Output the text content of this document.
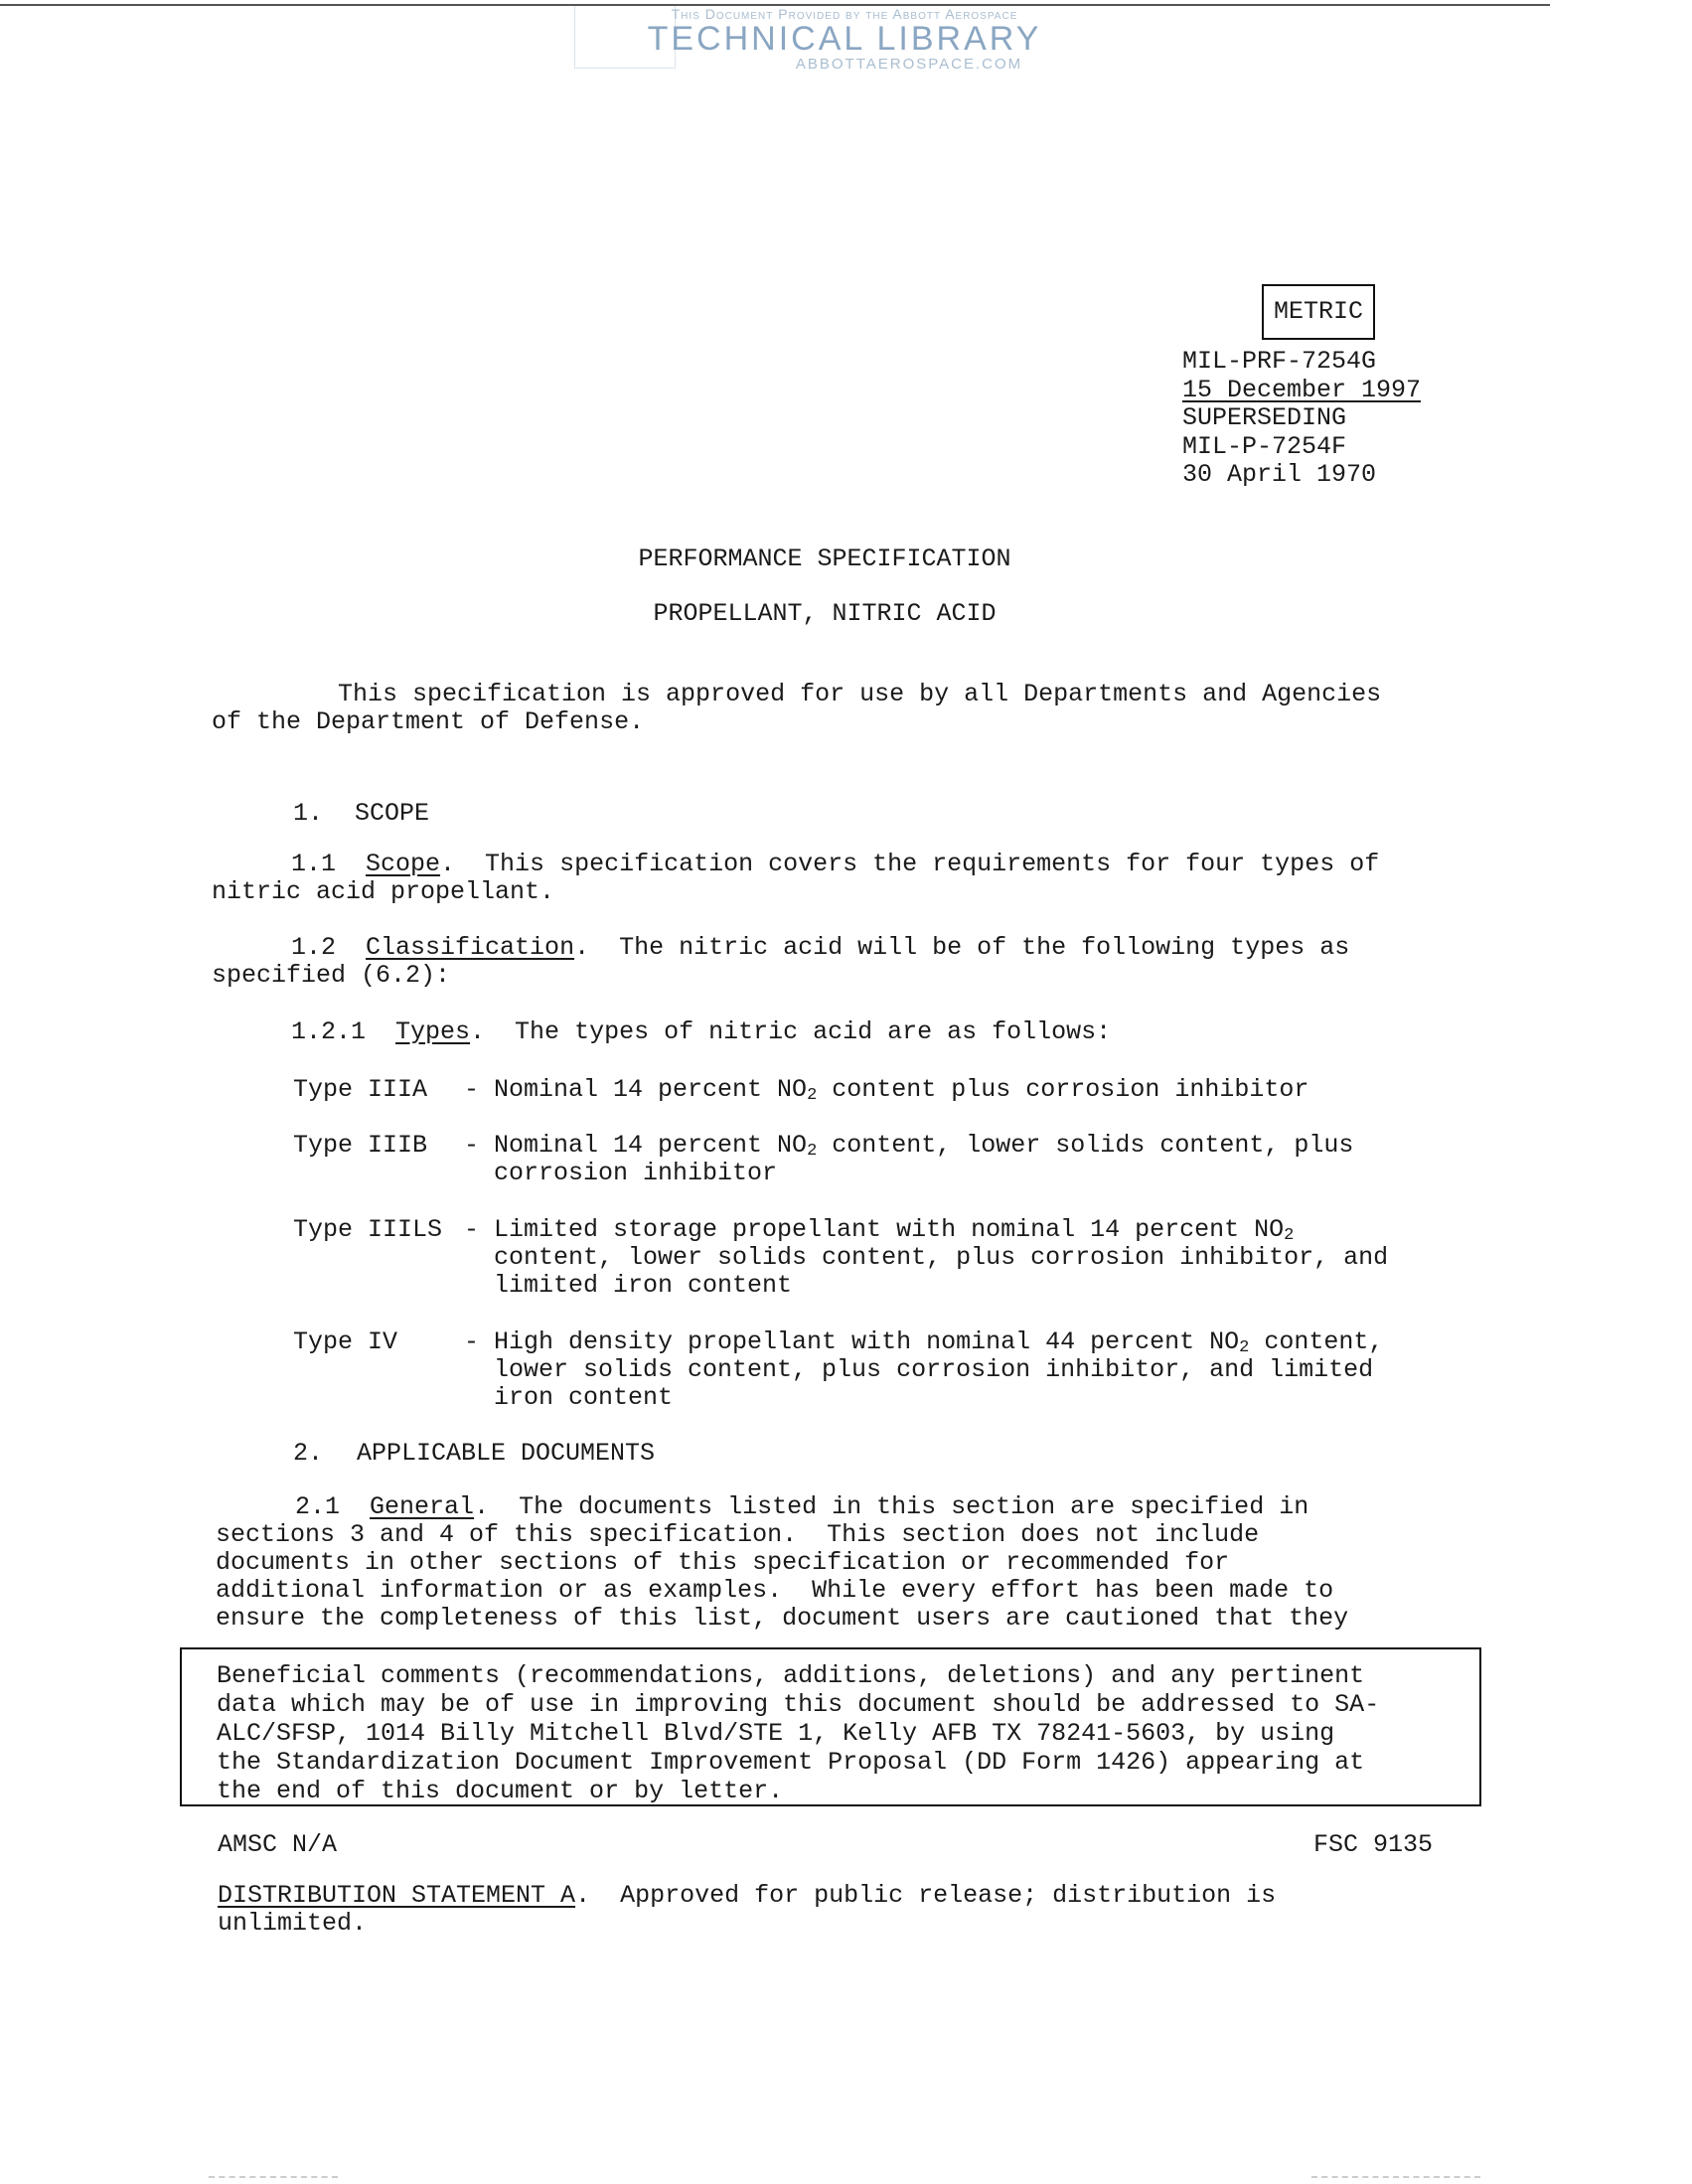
This Document Provided by the Abbott Aerospace
TECHNICAL LIBRARY
ABBOTTAEROSPACE.COM
METRIC
MIL-PRF-7254G
15 December 1997
SUPERSEDING
MIL-P-7254F
30 April 1970
PERFORMANCE SPECIFICATION
PROPELLANT, NITRIC ACID
This specification is approved for use by all Departments and Agencies
of the Department of Defense.
1. SCOPE
1.1 Scope.  This specification covers the requirements for four types of
nitric acid propellant.
1.2 Classification.  The nitric acid will be of the following types as
specified (6.2):
1.2.1 Types.  The types of nitric acid are as follows:
Type IIIA - Nominal 14 percent $NO_2$ content plus corrosion inhibitor
Type IIIB - Nominal 14 percent $NO_2$ content, lower solids content, plus
corrosion inhibitor
Type IIILS - Limited storage propellant with nominal 14 percent $NO_2$
content, lower solids content, plus corrosion inhibitor, and
limited iron content
Type IV	- High density propellant with nominal 44 percent $NO_2$ content,
lower solids content, plus corrosion inhibitor, and limited
iron content
2. APPLICABLE DOCUMENTS
2.1 General.  The documents listed in this section are specified in
sections 3 and 4 of this specification.  This section does not include
documents in other sections of this specification or recommended for
additional information or as examples.  While every effort has been made to
ensure the completeness of this list, document users are cautioned that they
Beneficial comments (recommendations, additions, deletions) and any pertinent
data which may be of use in improving this document should be addressed to SA-
ALC/SFSP, 1014 Billy Mitchell Blvd/STE 1, Kelly AFB TX 78241-5603, by using
the Standardization Document Improvement Proposal (DD Form 1426) appearing at
the end of this document or by letter.
AMSC N/A	FSC 9135
DISTRIBUTION STATEMENT A.  Approved for public release; distribution is
unlimited.
